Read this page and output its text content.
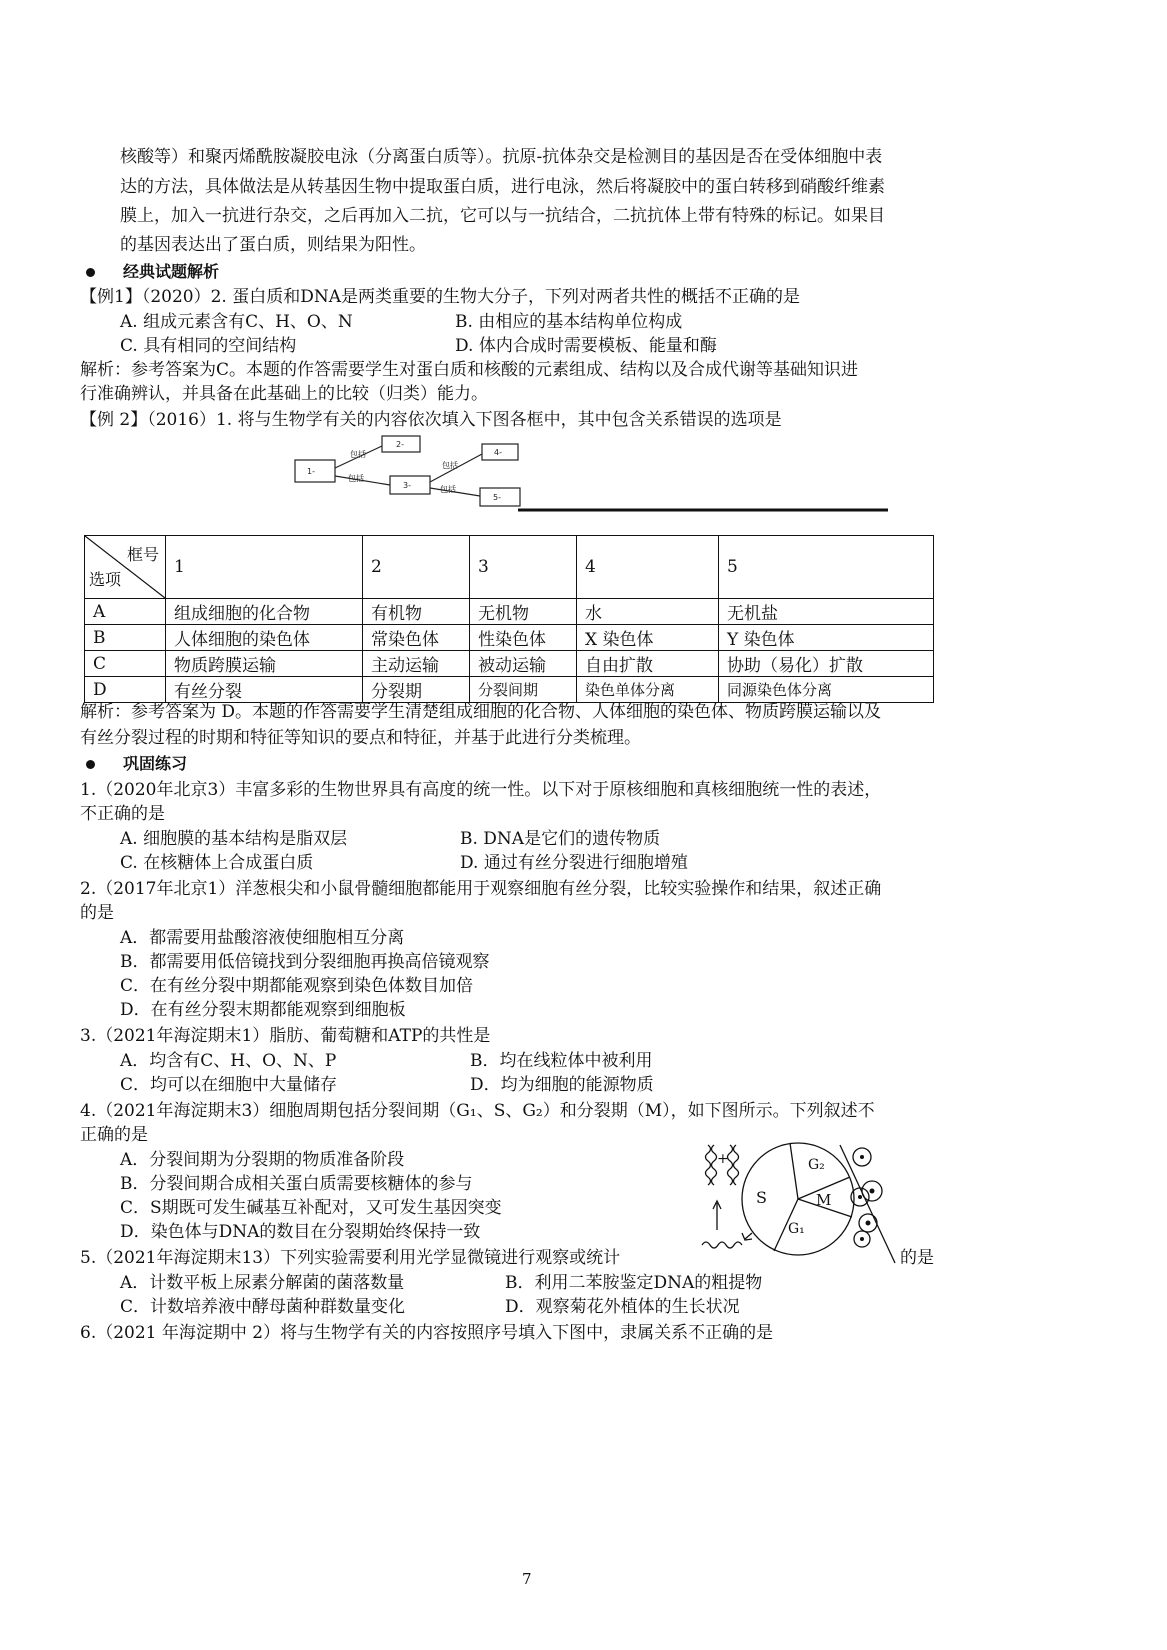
核酸等）和聚丙烯酰胺凝胶电泳（分离蛋白质等）。抗原-抗体杂交是检测目的基因是否在受体细胞中表
达的方法，具体做法是从转基因生物中提取蛋白质，进行电泳，然后将凝胶中的蛋白转移到硝酸纤维素
膜上，加入一抗进行杂交，之后再加入二抗，它可以与一抗结合，二抗抗体上带有特殊的标记。如果目
的基因表达出了蛋白质，则结果为阳性。
经典试题解析
【例1】（2020）2. 蛋白质和DNA是两类重要的生物大分子，下列对两者共性的概括不正确的是
A. 组成元素含有C、H、O、N	B. 由相应的基本结构单位构成
C. 具有相同的空间结构	D. 体内合成时需要模板、能量和酶
解析：参考答案为C。本题的作答需要学生对蛋白质和核酸的元素组成、结构以及合成代谢等基础知识进
行准确辨认，并具备在此基础上的比较（归类）能力。
【例 2】（2016）1. 将与生物学有关的内容依次填入下图各框中，其中包含关系错误的选项是
1-
2-
3-
4-
5-
包括
包括
包括
包括
框号
选项	1	2	3	4	5
A	组成细胞的化合物	有机物	无机物	水	无机盐
B	人体细胞的染色体	常染色体	性染色体	X 染色体	Y 染色体
C	物质跨膜运输	主动运输	被动运输	自由扩散	协助（易化）扩散
D	有丝分裂	分裂期	分裂间期	染色单体分离	同源染色体分离
解析：参考答案为 D。本题的作答需要学生清楚组成细胞的化合物、人体细胞的染色体、物质跨膜运输以及
有丝分裂过程的时期和特征等知识的要点和特征，并基于此进行分类梳理。
巩固练习
1.（2020年北京3）丰富多彩的生物世界具有高度的统一性。以下对于原核细胞和真核细胞统一性的表述，
不正确的是
A. 细胞膜的基本结构是脂双层	B. DNA是它们的遗传物质
C. 在核糖体上合成蛋白质	D. 通过有丝分裂进行细胞增殖
2.（2017年北京1）洋葱根尖和小鼠骨髓细胞都能用于观察细胞有丝分裂，比较实验操作和结果，叙述正确
的是
A．都需要用盐酸溶液使细胞相互分离
B．都需要用低倍镜找到分裂细胞再换高倍镜观察
C．在有丝分裂中期都能观察到染色体数目加倍
D．在有丝分裂末期都能观察到细胞板
3.（2021年海淀期末1）脂肪、葡萄糖和ATP的共性是
A．均含有C、H、O、N、P	B．均在线粒体中被利用
C．均可以在细胞中大量储存	D．均为细胞的能源物质
4.（2021年海淀期末3）细胞周期包括分裂间期（G₁、S、G₂）和分裂期（M），如下图所示。下列叙述不
正确的是
A．分裂间期为分裂期的物质准备阶段
B．分裂间期合成相关蛋白质需要核糖体的参与
C．S期既可发生碱基互补配对，又可发生基因突变
D．染色体与DNA的数目在分裂期始终保持一致
G₂
S	M
G₁
+
5.（2021年海淀期末13）下列实验需要利用光学显微镜进行观察或统计	的是
A．计数平板上尿素分解菌的菌落数量	B．利用二苯胺鉴定DNA的粗提物
C．计数培养液中酵母菌种群数量变化	D．观察菊花外植体的生长状况
6.（2021 年海淀期中 2）将与生物学有关的内容按照序号填入下图中，隶属关系不正确的是
7
